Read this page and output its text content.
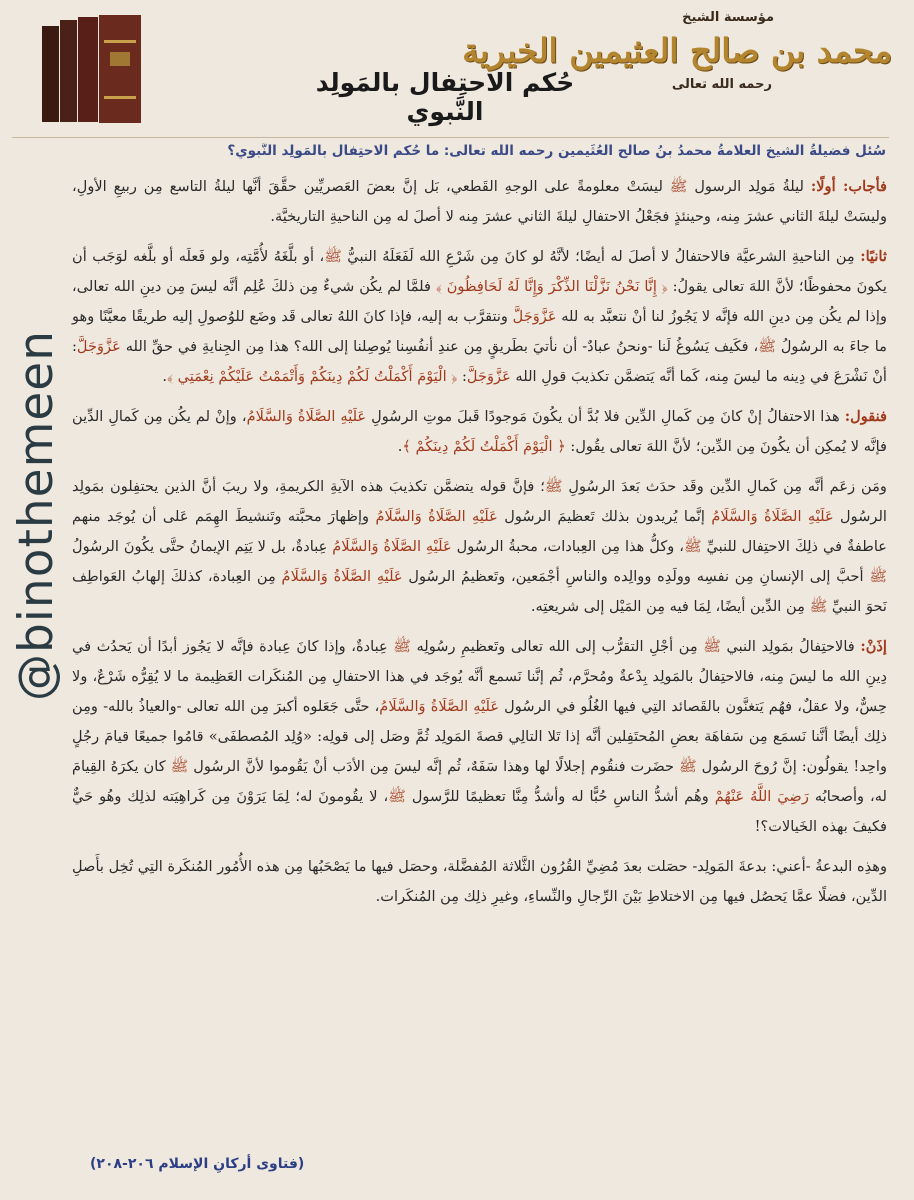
@binothemeen
مؤسسة الشيخ
محمد بن صالح العثيمين الخيرية
رحمه الله تعالى
حُكم الاحتِفال بالمَولِد النَّبوي
سُئل فضيلةُ الشيخ العلامةُ محمدُ بنُ صالحِ العُثَيمين رحمه الله تعالى: ما حُكم الاحتِفال بالمَولِد النَّبوي؟

فأجاب: أولًا: ليلةُ مَولِد الرسول ﷺ ليسَتْ معلومةً على الوجهِ القَطعي، بَل إنَّ بعضَ العَصريِّين حقَّقَ أنَّها ليلةُ التاسع مِن ربيعِ الأولِ، وليسَتْ ليلةَ الثاني عشرَ مِنه، وحينئذٍ فجَعْلُ الاحتفالِ ليلةَ الثاني عشرَ مِنه لا أصلَ له مِن الناحيةِ التاريخيَّة.

ثانيًا: مِن الناحيةِ الشرعيَّة فالاحتفالُ لا أصلَ له أيضًا؛ لأنَّهُ لو كانَ مِن شَرْعِ الله لَفَعَلَهُ النبيُّ ﷺ، أو بلَّغَهُ لأُمَّتِه، ولو فَعلَه أو بلَّغه لوَجَب أن يكونَ محفوظًا؛ لأنَّ اللهَ تعالى يقولُ: ﴿ إِنَّا نَحْنُ نَزَّلْنَا الذِّكْرَ وَإِنَّا لَهُ لَحَافِظُونَ ﴾ فلمَّا لم يكُن شيءٌ مِن ذلكَ عُلِم أنَّه ليسَ مِن دينِ الله تعالى، وإذا لم يكُن مِن دينِ الله فإنَّه لا يَجُوزُ لنا أنْ نتعبَّد به لله عَزَّوَجَلَّ ونتقرَّب به إليه، فإذا كانَ اللهُ تعالى قَد وضَع للوُصولِ إليه طريقًا معيَّنًا وهو ما جاءَ به الرسُولُ ﷺ، فكَيف يَسُوغُ لَنا -ونحنُ عبادٌ- أن نأتيَ بطَريقٍ مِن عندِ أنفُسِنا يُوصِلنا إلى الله؟ هذا مِن الجِنايةِ في حقِّ الله عَزَّوَجَلَّ: أنْ نَشْرَعَ في دِينه ما ليسَ مِنه، كَما أنَّه يَتضمَّن تكذيبَ قولِ الله عَزَّوَجَلَّ: ﴿ الْيَوْمَ أَكْمَلْتُ لَكُمْ دِينَكُمْ وَأَتْمَمْتُ عَلَيْكُمْ نِعْمَتِي ﴾.

فنقول: هذا الاحتفالُ إنْ كانَ مِن كَمالِ الدِّين فلا بُدَّ أن يكُونَ مَوجودًا قَبلَ موتِ الرسُولِ عَلَيْهِ الصَّلَاةُ وَالسَّلَامُ، وإنْ لم يكُن مِن كَمالِ الدِّين فإنَّه لا يُمكِن أن يكُونَ مِن الدِّين؛ لأنَّ اللهَ تعالى يقُول: ﴿ الْيَوْمَ أَكْمَلْتُ لَكُمْ دِينَكُمْ ﴾.

ومَن زعَم أنَّه مِن كَمالِ الدِّين وقَد حدَث بَعدَ الرسُولِ ﷺ؛ فإنَّ قوله يتضمَّن تكذيبَ هذه الآيةِ الكريمةِ، ولا ريبَ أنَّ الذين يحتفِلون بمَولِد الرسُول عَلَيْهِ الصَّلَاةُ وَالسَّلَامُ إنَّما يُريدون بذلك تَعظيمَ الرسُول عَلَيْهِ الصَّلَاةُ وَالسَّلَامُ وإظهارَ محبَّته وتَنشيطَ الهِمَم عَلى أن يُوجَد منهم عاطفةٌ في ذلِكَ الاحتِفال للنبيِّ ﷺ، وكلُّ هذا مِن العِبادات، محبةُ الرسُول عَلَيْهِ الصَّلَاةُ وَالسَّلَامُ عِبادةٌ، بل لا يَتِم الإيمانُ حتَّى يكُونَ الرسُولُ ﷺ أحبَّ إلى الإنسانِ مِن نفسِه وولَدِه ووالِده والناسِ أجْمَعين، وتَعظيمُ الرسُول عَلَيْهِ الصَّلَاةُ وَالسَّلَامُ مِن العِبادة، كذلكَ إلهابُ العَواطِف نَحوَ النبيِّ ﷺ مِن الدِّين أيضًا، لِمَا فيه مِن المَيْل إلى شريعتِه.

إذَنْ: فالاحتِفالُ بمَولِد النبي ﷺ مِن أجْلِ التقرُّب إلى الله تعالى وتَعظيمِ رسُولِه ﷺ عِبادةٌ، وإذا كانَ عِبادة فإنَّه لا يَجُوز أبدًا أن يَحدُث في دِينِ الله ما ليسَ مِنه، فالاحتِفالُ بالمَولِد بِدْعةٌ ومُحرَّم، ثُم إنَّنا نَسمع أنَّه يُوجَد في هذا الاحتفالِ مِن المُنكَرات العَظِيمة ما لا يُقِرُّه شَرْعٌ، ولا حِسٌّ، ولا عقلٌ، فهُم يَتغنَّون بالقَصائد التِي فيها الغُلُو في الرسُول عَلَيْهِ الصَّلَاةُ وَالسَّلَامُ، حتَّى جَعَلوه أكبرَ مِن الله تعالى -والعياذُ بالله- ومِن ذلِك أيضًا أنَّنا نَسمَع مِن سَفاهَة بعضِ المُحتَفِلين أنَّه إذا تَلا التالِي قصةَ المَولِد ثُمَّ وصَل إلى قولِه: «وُلِد المُصطفَى» قامُوا جميعًا قيامَ رجُلٍ واحِد! يقولُون: إنَّ رُوحَ الرسُول ﷺ حضَرت فنقُوم إجلالًا لها وهذا سَفَهٌ، ثُم إنَّه ليسَ مِن الأدَب أنْ يَقُوموا لأنَّ الرسُول ﷺ كان يكرَهُ القِيامَ له، وأصحابُه رَضِيَ اللَّهُ عَنْهُمْ وهُم أشدُّ الناسِ حُبًّا له وأشدُّ مِنَّا تعظيمًا للرَّسول ﷺ، لا يقُومونَ له؛ لِمَا يَرَوْنَ مِن كَراهِيَته لذلِك وهُو حَيٌّ فكيفَ بهذه الخَيالات؟!

وهذِه البدعةُ -أعني: بدعةَ المَولِد- حصَلت بعدَ مُضِيِّ القُرُون الثَّلاثة المُفضَّلة، وحصَل فيها ما يَصْحَبُها مِن هذه الأُمُور المُنكَرة التِي تُخِل بأَصلِ الدِّين، فضلًا عمَّا يَحصُل فيها مِن الاختلاطِ بَيْنَ الرِّجالِ والنِّساءِ، وغيرِ ذلِك مِن المُنكَرات.

(فتاوى أركانِ الإسلام ٢٠٦-٢٠٨)
